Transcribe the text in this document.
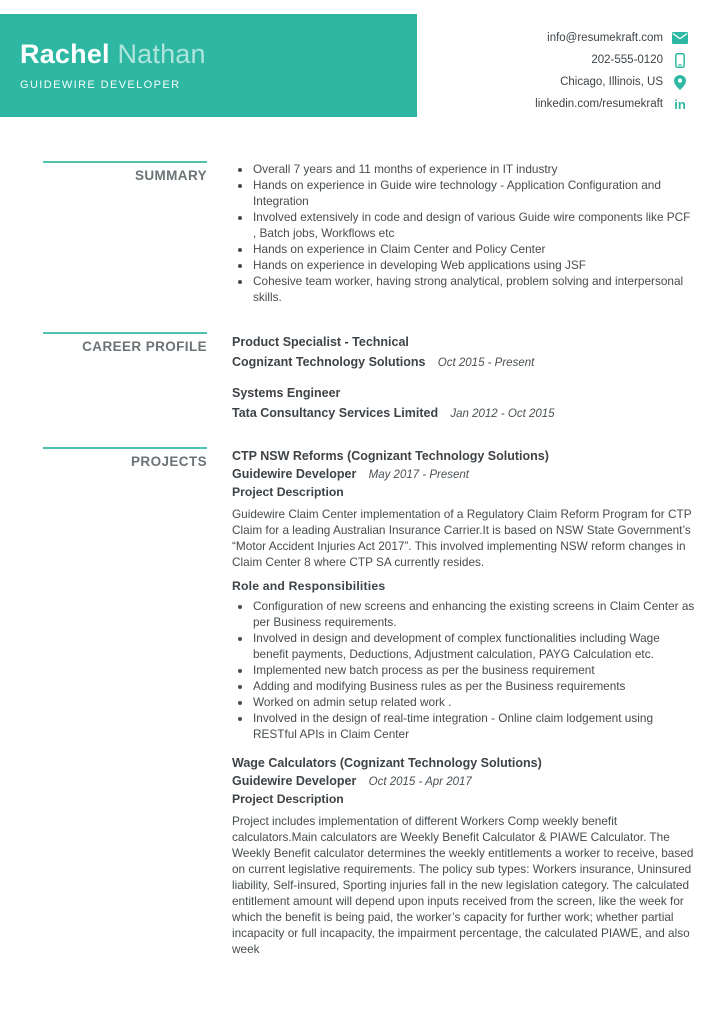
Rachel Nathan
GUIDEWIRE DEVELOPER
info@resumekraft.com
202-555-0120
Chicago, Illinois, US
linkedin.com/resumekraft in
SUMMARY	• Overall 7 years and 11 months of experience in IT industry
• Hands on experience in Guide wire technology - Application Configuration and Integration
• Involved extensively in code and design of various Guide wire components like PCF , Batch jobs, Workflows etc
• Hands on experience in Claim Center and Policy Center
• Hands on experience in developing Web applications using JSF
• Cohesive team worker, having strong analytical, problem solving and interpersonal skills.
CAREER PROFILE Product Specialist - Technical
Cognizant Technology Solutions Oct 2015 - Present
Systems Engineer
Tata Consultancy Services Limited Jan 2012 - Oct 2015
PROJECTS CTP NSW Reforms (Cognizant Technology Solutions)
Guidewire Developer May 2017 - Present
Project Description

Guidewire Claim Center implementation of a Regulatory Claim Reform Program for CTP Claim for a leading Australian Insurance Carrier.It is based on NSW State Government’s “Motor Accident Injuries Act 2017”. This involved implementing NSW reform changes in Claim Center 8 where CTP SA currently resides.

Role and Responsibilities
• Configuration of new screens and enhancing the existing screens in Claim Center as per Business requirements.
• Involved in design and development of complex functionalities including Wage benefit payments, Deductions, Adjustment calculation, PAYG Calculation etc.
• Implemented new batch process as per the business requirement
• Adding and modifying Business rules as per the Business requirements
• Worked on admin setup related work .
• Involved in the design of real-time integration - Online claim lodgement using RESTful APIs in Claim Center
Wage Calculators (Cognizant Technology Solutions)
Guidewire Developer Oct 2015 - Apr 2017
Project Description

Project includes implementation of different Workers Comp weekly benefit calculators.Main calculators are Weekly Benefit Calculator & PIAWE Calculator. The Weekly Benefit calculator determines the weekly entitlements a worker to receive, based on current legislative requirements. The policy sub types: Workers insurance, Uninsured liability, Self-insured, Sporting injuries fall in the new legislation category. The calculated entitlement amount will depend upon inputs received from the screen, like the week for which the benefit is being paid, the worker’s capacity for further work; whether partial incapacity or full incapacity, the impairment percentage, the calculated PIAWE, and also week
